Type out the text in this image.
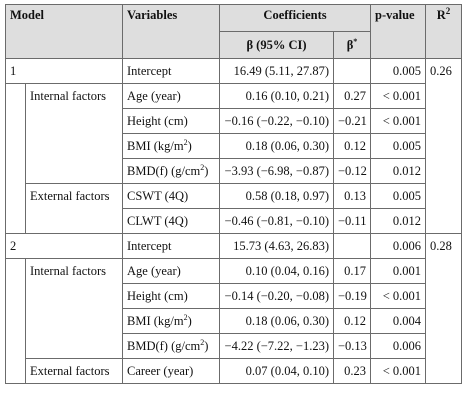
Model		Variables	Coefficients		p-value	$R^2$
			β (95% CI)	β*
1		Intercept	16.49 (5.11, 27.87)		0.005	0.26
	Internal factors	Age (year)	0.16 (0.10, 0.21)	0.27	< 0.001	
		Height (cm)	−0.16 (−0.22, −0.10)	−0.21	< 0.001	
		BMI $(kg/m^2)$	0.18 (0.06, 0.30)	0.12	0.005	
		BMD(f) $(g/cm^2)$	−3.93 (−6.98, −0.87)	−0.12	0.012	
	External factors	CSWT (4Q)	0.58 (0.18, 0.97)	0.13	0.005	
		CLWT (4Q)	−0.46 (−0.81, −0.10)	−0.11	0.012	
2		Intercept	15.73 (4.63, 26.83)		0.006	0.28
	Internal factors	Age (year)	0.10 (0.04, 0.16)	0.17	0.001	
		Height (cm)	−0.14 (−0.20, −0.08)	−0.19	< 0.001	
		BMI $(kg/m^2)$	0.18 (0.06, 0.30)	0.12	0.004	
		BMD(f) $(g/cm^2)$	−4.22 (−7.22, −1.23)	−0.13	0.006	
	External factors	Career (year)	0.07 (0.04, 0.10)	0.23	< 0.001	
